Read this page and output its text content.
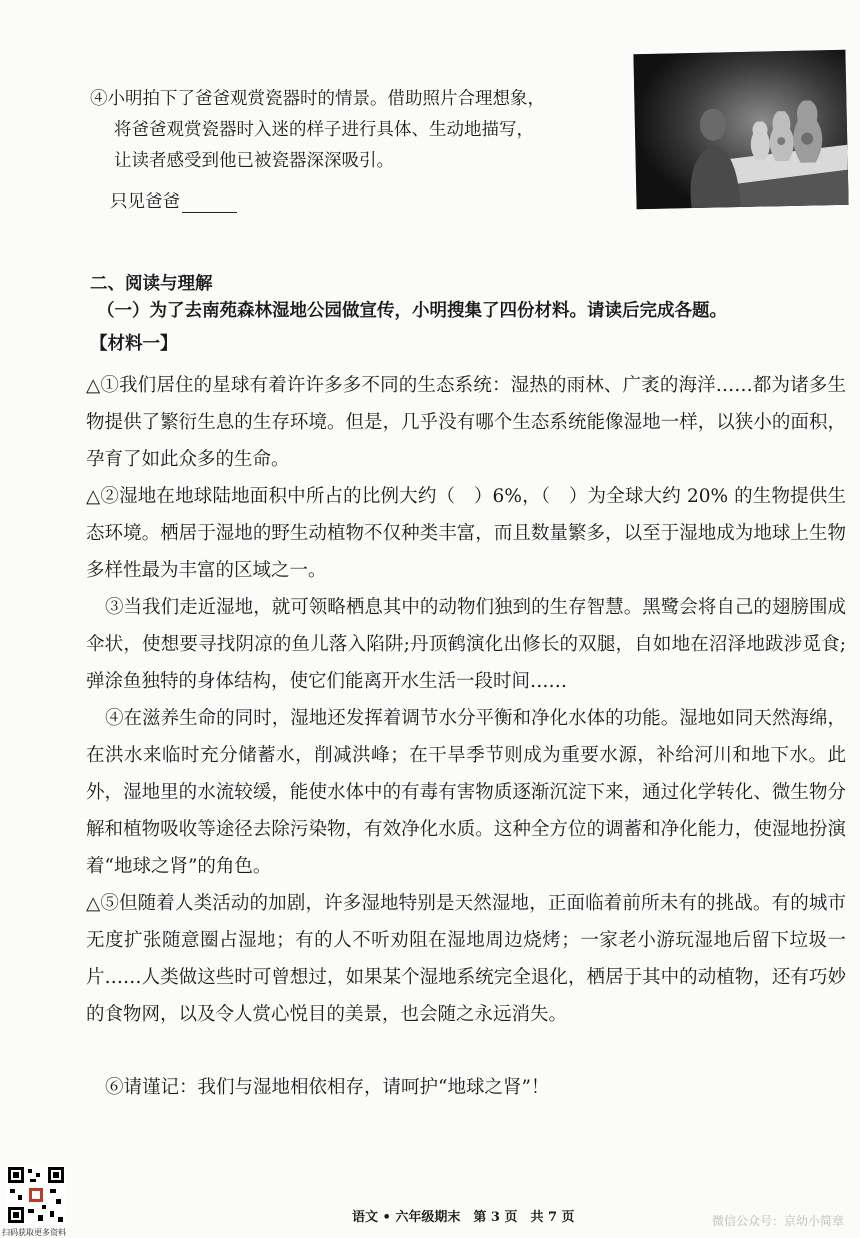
④小明拍下了爸爸观赏瓷器时的情景。借助照片合理想象，
将爸爸观赏瓷器时入迷的样子进行具体、生动地描写，
让读者感受到他已被瓷器深深吸引。
只见爸爸
二、阅读与理解
（一）为了去南苑森林湿地公园做宣传，小明搜集了四份材料。请读后完成各题。
【材料一】
△①我们居住的星球有着许许多多不同的生态系统：湿热的雨林、广袤的海洋……都为诸多生物提供了繁衍生息的生存环境。但是，几乎没有哪个生态系统能像湿地一样，以狭小的面积，孕育了如此众多的生命。
△②湿地在地球陆地面积中所占的比例大约（　）6%，（　）为全球大约 20% 的生物提供生态环境。栖居于湿地的野生动植物不仅种类丰富，而且数量繁多，以至于湿地成为地球上生物多样性最为丰富的区域之一。
③当我们走近湿地，就可领略栖息其中的动物们独到的生存智慧。黑鹭会将自己的翅膀围成伞状，使想要寻找阴凉的鱼儿落入陷阱;丹顶鹤演化出修长的双腿，自如地在沼泽地跋涉觅食;弹涂鱼独特的身体结构，使它们能离开水生活一段时间……
④在滋养生命的同时，湿地还发挥着调节水分平衡和净化水体的功能。湿地如同天然海绵，在洪水来临时充分储蓄水，削减洪峰；在干旱季节则成为重要水源，补给河川和地下水。此外，湿地里的水流较缓，能使水体中的有毒有害物质逐渐沉淀下来，通过化学转化、微生物分解和植物吸收等途径去除污染物，有效净化水质。这种全方位的调蓄和净化能力，使湿地扮演着“地球之肾”的角色。
△⑤但随着人类活动的加剧，许多湿地特别是天然湿地，正面临着前所未有的挑战。有的城市无度扩张随意圈占湿地；有的人不听劝阻在湿地周边烧烤；一家老小游玩湿地后留下垃圾一片……人类做这些时可曾想过，如果某个湿地系统完全退化，栖居于其中的动植物，还有巧妙的食物网，以及令人赏心悦目的美景，也会随之永远消失。
⑥请谨记：我们与湿地相依相存，请呵护“地球之肾”！
扫码获取更多资料
语文 • 六年级期末　第 3 页　共 7 页	微信公众号：京幼小简章
